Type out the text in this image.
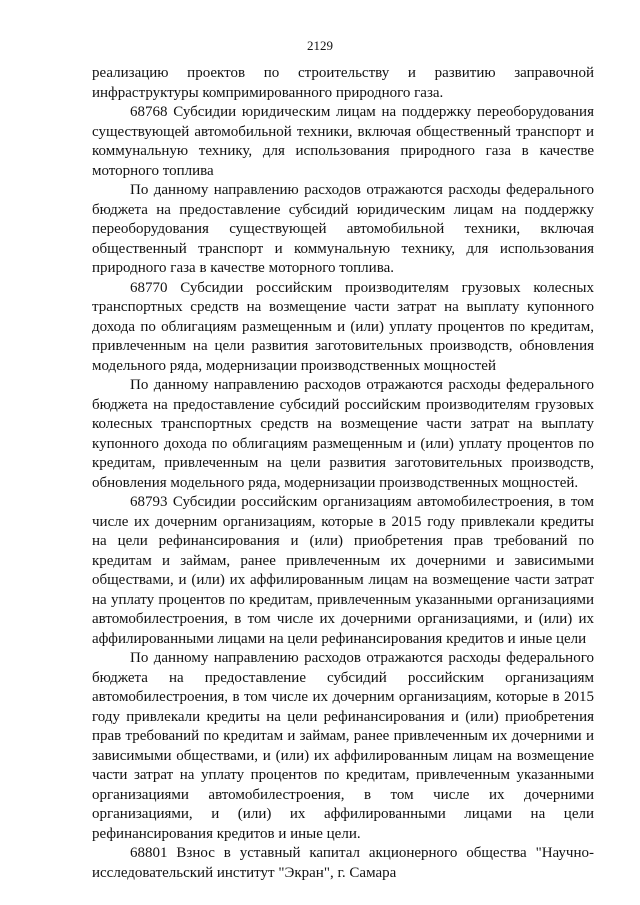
2129

реализацию проектов по строительству и развитию заправочной инфраструктуры компримированного природного газа.

68768 Субсидии юридическим лицам на поддержку переоборудования существующей автомобильной техники, включая общественный транспорт и коммунальную технику, для использования природного газа в качестве моторного топлива

По данному направлению расходов отражаются расходы федерального бюджета на предоставление субсидий юридическим лицам на поддержку переоборудования существующей автомобильной техники, включая общественный транспорт и коммунальную технику, для использования природного газа в качестве моторного топлива.

68770 Субсидии российским производителям грузовых колесных транспортных средств на возмещение части затрат на выплату купонного дохода по облигациям размещенным и (или) уплату процентов по кредитам, привлеченным на цели развития заготовительных производств, обновления модельного ряда, модернизации производственных мощностей

По данному направлению расходов отражаются расходы федерального бюджета на предоставление субсидий российским производителям грузовых колесных транспортных средств на возмещение части затрат на выплату купонного дохода по облигациям размещенным и (или) уплату процентов по кредитам, привлеченным на цели развития заготовительных производств, обновления модельного ряда, модернизации производственных мощностей.

68793 Субсидии российским организациям автомобилестроения, в том числе их дочерним организациям, которые в 2015 году привлекали кредиты на цели рефинансирования и (или) приобретения прав требований по кредитам и займам, ранее привлеченным их дочерними и зависимыми обществами, и (или) их аффилированным лицам на возмещение части затрат на уплату процентов по кредитам, привлеченным указанными организациями автомобилестроения, в том числе их дочерними организациями, и (или) их аффилированными лицами на цели рефинансирования кредитов и иные цели

По данному направлению расходов отражаются расходы федерального бюджета на предоставление субсидий российским организациям автомобилестроения, в том числе их дочерним организациям, которые в 2015 году привлекали кредиты на цели рефинансирования и (или) приобретения прав требований по кредитам и займам, ранее привлеченным их дочерними и зависимыми обществами, и (или) их аффилированным лицам на возмещение части затрат на уплату процентов по кредитам, привлеченным указанными организациями автомобилестроения, в том числе их дочерними организациями, и (или) их аффилированными лицами на цели рефинансирования кредитов и иные цели.

68801 Взнос в уставный капитал акционерного общества "Научно-исследовательский институт "Экран", г. Самара
